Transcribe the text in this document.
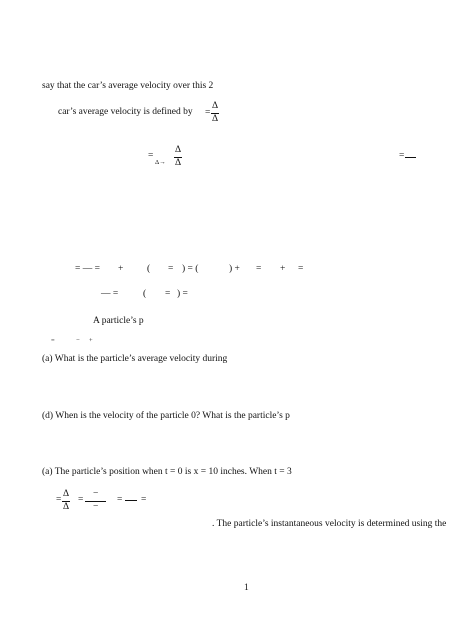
say that the car’s average velocity over this 2
car’s average velocity is defined by = $\frac{\Delta}{\Delta}$
=
$\Delta\to \frac{\Delta}{\Delta}$	=
= — = + ( = ) = (	) + = + =
— =	( = ) =
A particle’s p
=	− +
(a) What is the particle’s average velocity during
(d) When is the velocity of the particle 0? What is the particle’s p
(a) The particle’s position when t = 0 is x = 10 inches. When t = 3
= $\frac{\Delta}{\Delta}$ =
−
−
= =
. The particle’s instantaneous velocity is determined using the
1
